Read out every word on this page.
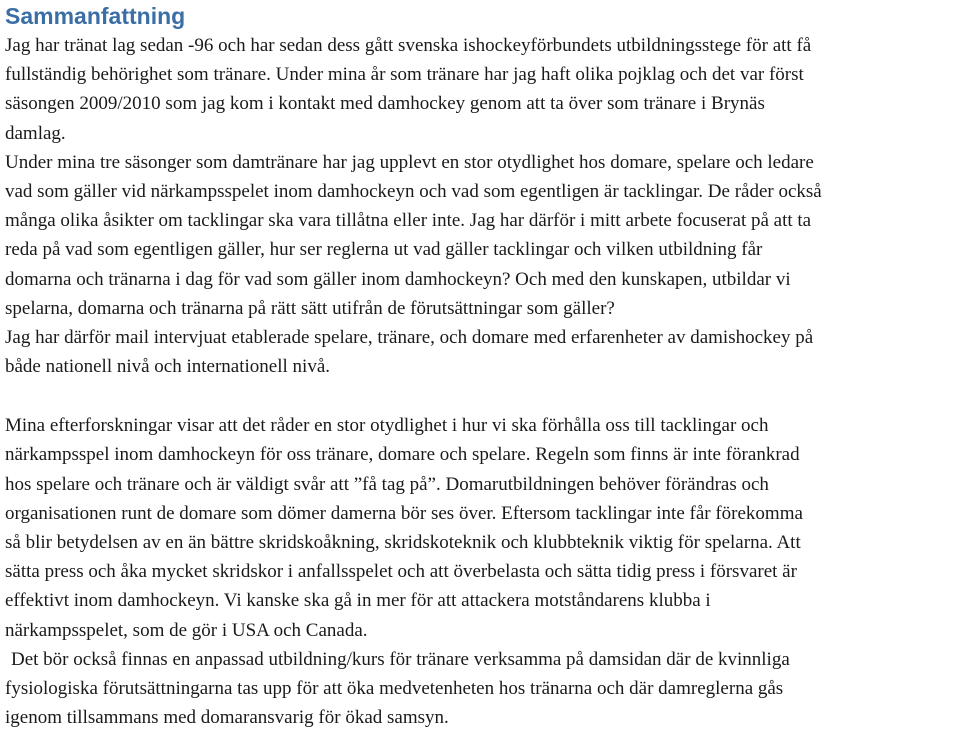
Sammanfattning
Jag har tränat lag sedan -96 och har sedan dess gått svenska ishockeyförbundets utbildningsstege för att få
fullständig behörighet som tränare. Under mina år som tränare har jag haft olika pojklag och det var först
säsongen 2009/2010 som jag kom i kontakt med damhockey genom att ta över som tränare i Brynäs
damlag.
Under mina tre säsonger som damtränare har jag upplevt en stor otydlighet hos domare, spelare och ledare
vad som gäller vid närkampsspelet inom damhockeyn och vad som egentligen är tacklingar. De råder också
många olika åsikter om tacklingar ska vara tillåtna eller inte. Jag har därför i mitt arbete focuserat på att ta
reda på vad som egentligen gäller, hur ser reglerna ut vad gäller tacklingar och vilken utbildning får
domarna och tränarna i dag för vad som gäller inom damhockeyn? Och med den kunskapen, utbildar vi
spelarna, domarna och tränarna på rätt sätt utifrån de förutsättningar som gäller?
Jag har därför mail intervjuat etablerade spelare, tränare, och domare med erfarenheter av damishockey på
både nationell nivå och internationell nivå.
Mina efterforskningar visar att det råder en stor otydlighet i hur vi ska förhålla oss till tacklingar och
närkampsspel inom damhockeyn för oss tränare, domare och spelare. Regeln som finns är inte förankrad
hos spelare och tränare och är väldigt svår att ”få tag på”. Domarutbildningen behöver förändras och
organisationen runt de domare som dömer damerna bör ses över. Eftersom tacklingar inte får förekomma
så blir betydelsen av en än bättre skridskoåkning, skridskoteknik och klubbteknik viktig för spelarna. Att
sätta press och åka mycket skridskor i anfallsspelet och att överbelasta och sätta tidig press i försvaret är
effektivt inom damhockeyn. Vi kanske ska gå in mer för att attackera motståndarens klubba i
närkampsspelet, som de gör i USA och Canada.
Det bör också finnas en anpassad utbildning/kurs för tränare verksamma på damsidan där de kvinnliga
fysiologiska förutsättningarna tas upp för att öka medvetenheten hos tränarna och där damreglerna gås
igenom tillsammans med domaransvarig för ökad samsyn.
